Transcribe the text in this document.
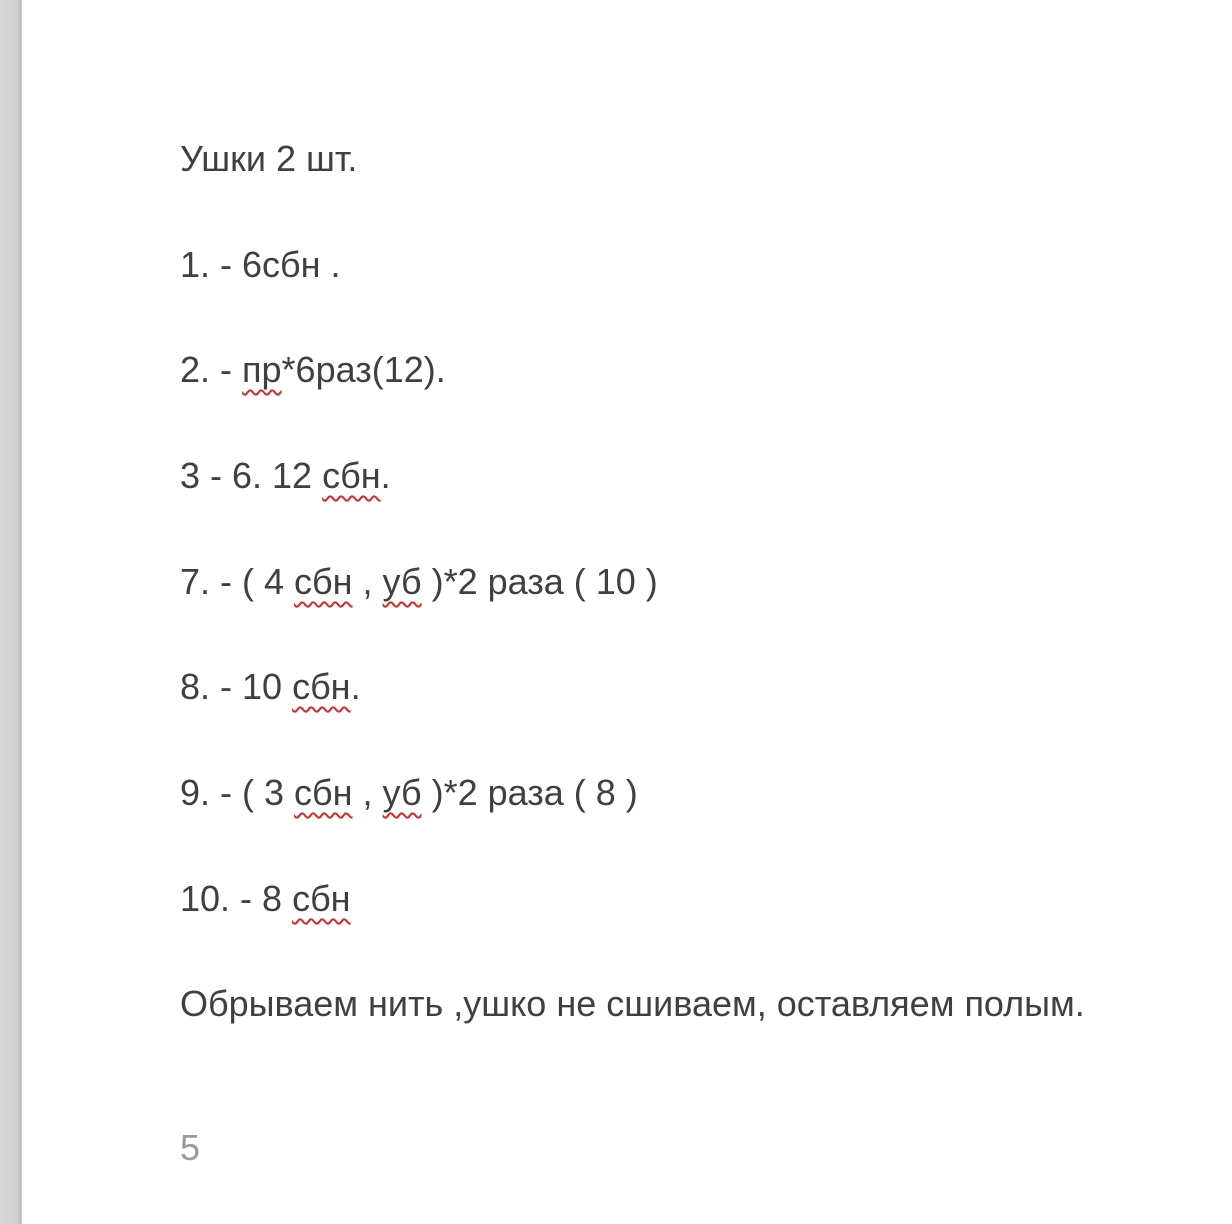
Ушки 2 шт.

1. - 6сбн .

2. - пр*6раз(12).

3 - 6. 12 сбн.

7. - ( 4 сбн , уб )*2 раза ( 10 )

8. - 10 сбн.

9. - ( 3 сбн , уб )*2 раза ( 8 )

10. - 8 сбн

Обрываем нить ,ушко не сшиваем, оставляем полым.

5
